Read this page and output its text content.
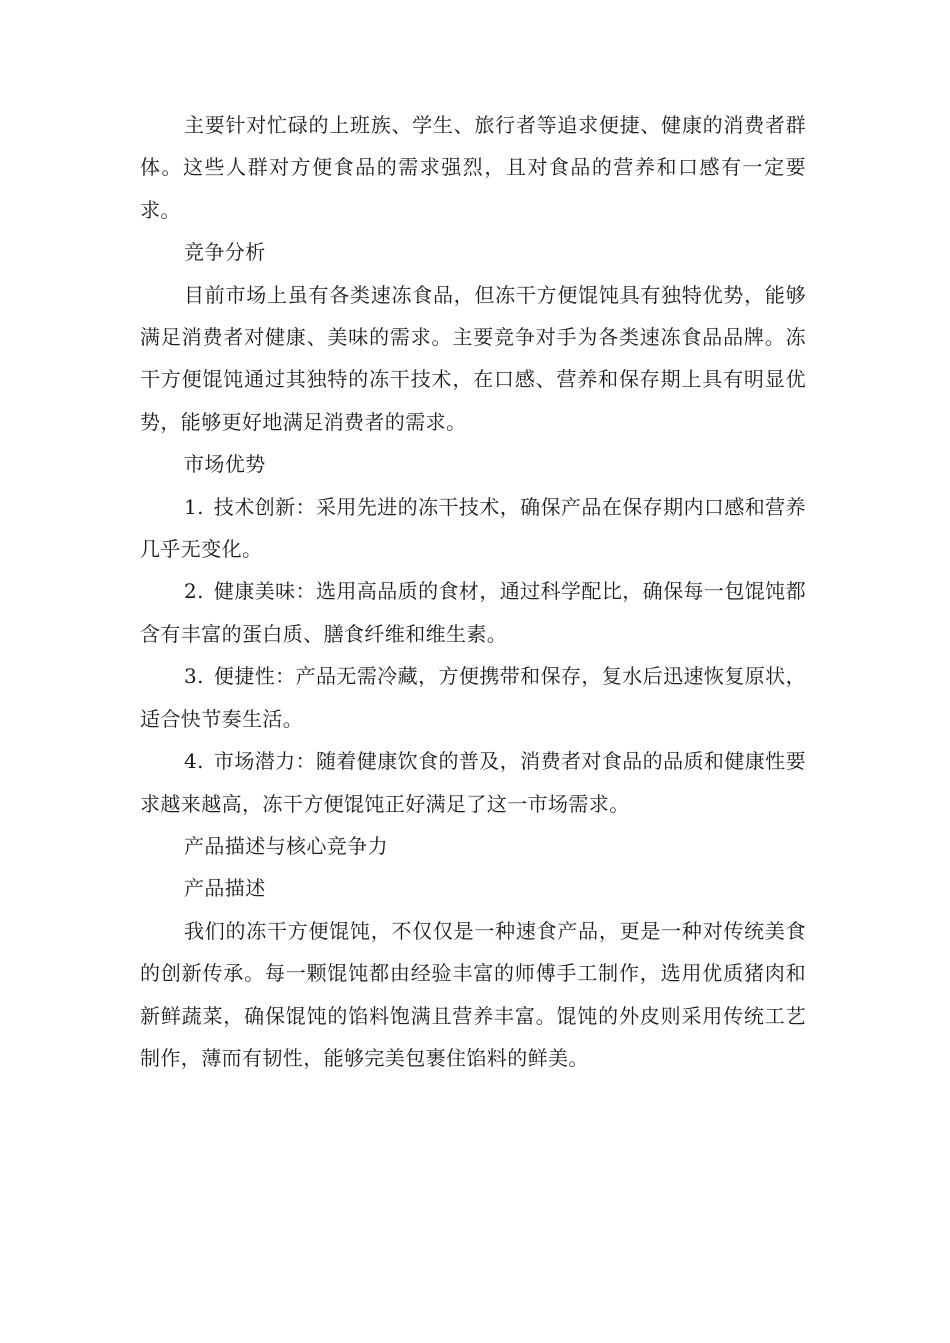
主要针对忙碌的上班族、学生、旅行者等追求便捷、健康的消费者群体。这些人群对方便食品的需求强烈，且对食品的营养和口感有一定要求。

竞争分析

目前市场上虽有各类速冻食品，但冻干方便馄饨具有独特优势，能够满足消费者对健康、美味的需求。主要竞争对手为各类速冻食品品牌。冻干方便馄饨通过其独特的冻干技术，在口感、营养和保存期上具有明显优势，能够更好地满足消费者的需求。

市场优势

1. 技术创新：采用先进的冻干技术，确保产品在保存期内口感和营养几乎无变化。

2. 健康美味：选用高品质的食材，通过科学配比，确保每一包馄饨都含有丰富的蛋白质、膳食纤维和维生素。

3. 便捷性：产品无需冷藏，方便携带和保存，复水后迅速恢复原状，适合快节奏生活。

4. 市场潜力：随着健康饮食的普及，消费者对食品的品质和健康性要求越来越高，冻干方便馄饨正好满足了这一市场需求。

产品描述与核心竞争力

产品描述

我们的冻干方便馄饨，不仅仅是一种速食产品，更是一种对传统美食的创新传承。每一颗馄饨都由经验丰富的师傅手工制作，选用优质猪肉和新鲜蔬菜，确保馄饨的馅料饱满且营养丰富。馄饨的外皮则采用传统工艺制作，薄而有韧性，能够完美包裹住馅料的鲜美。
